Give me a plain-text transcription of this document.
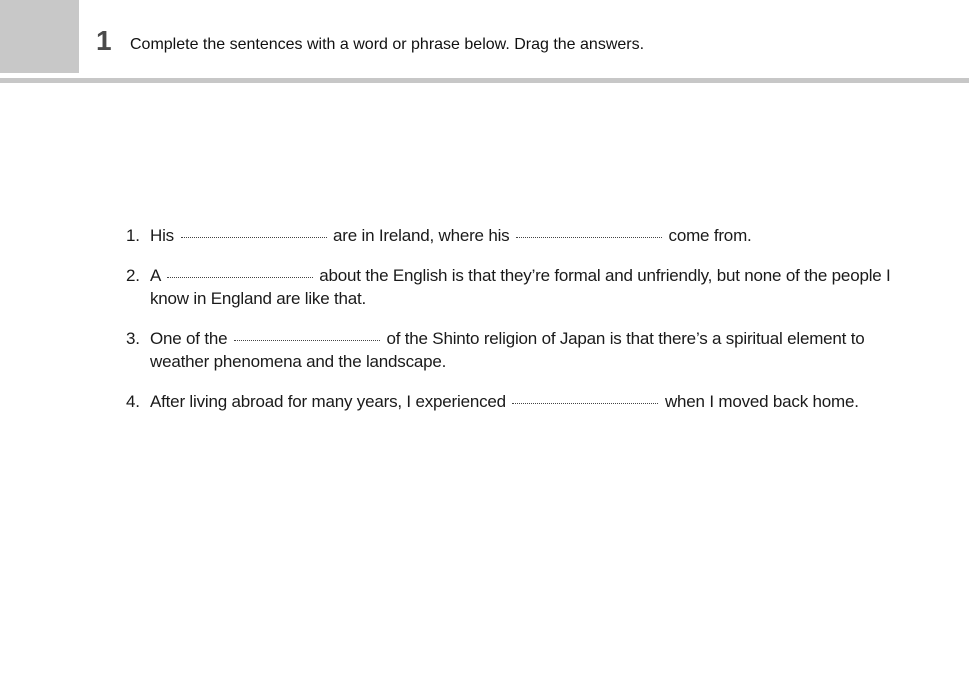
1 Complete the sentences with a word or phrase below. Drag the answers.
1. His	are in Ireland, where his	come from.
2. A	about the English is that they’re formal and unfriendly, but none of the people I know in England are like that.
3. One of the	of the Shinto religion of Japan is that there’s a spiritual element to weather phenomena and the landscape.
4. After living abroad for many years, I experienced	when I moved back home.
